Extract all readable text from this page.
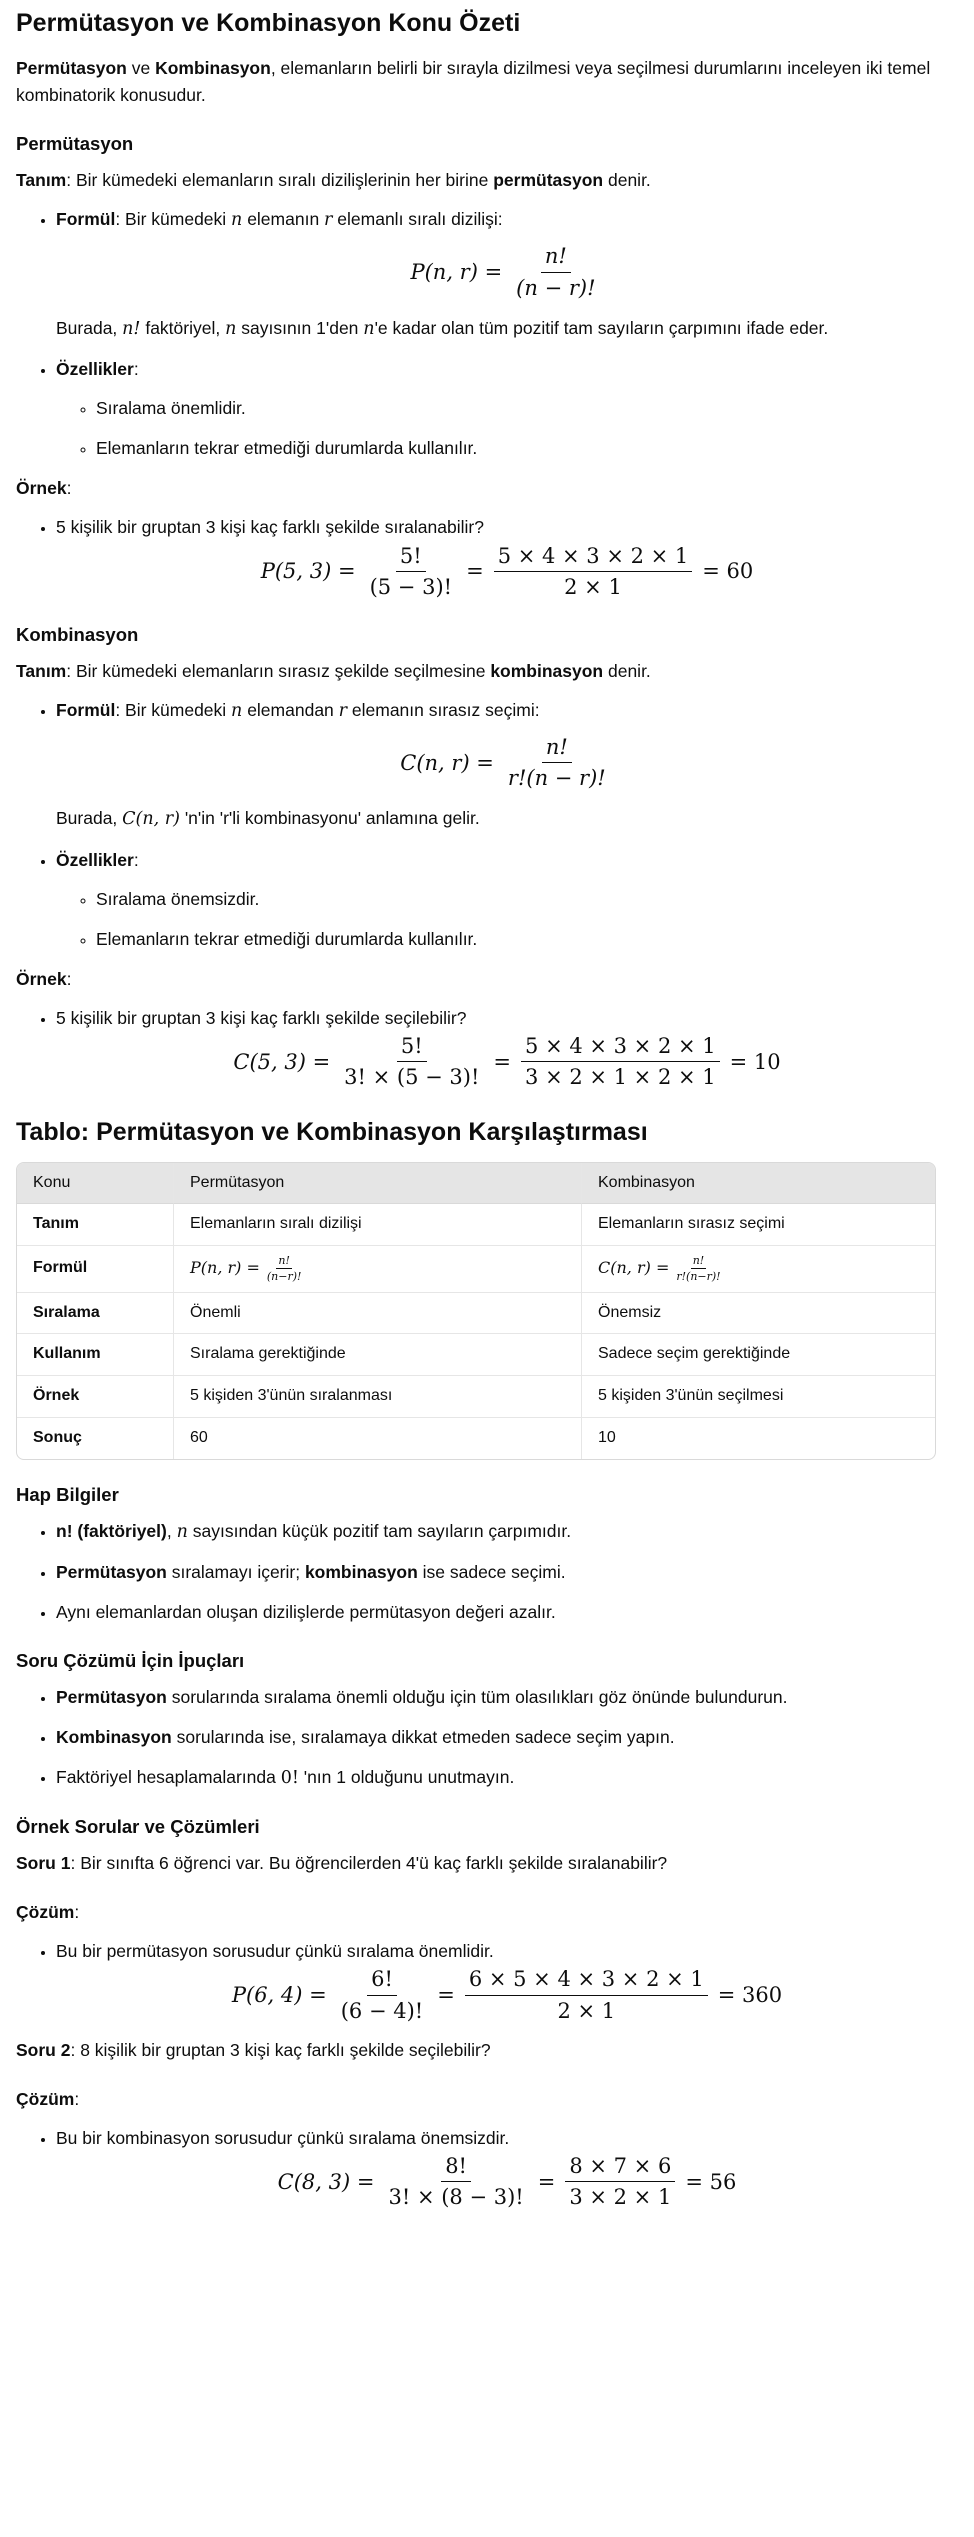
Permütasyon ve Kombinasyon Konu Özeti

Permütasyon ve Kombinasyon, elemanların belirli bir sırayla dizilmesi veya seçilmesi durumlarını inceleyen iki temel kombinatorik konusudur.

Permütasyon

Tanım: Bir kümedeki elemanların sıralı dizilişlerinin her birine permütasyon denir.

• Formül: Bir kümedeki n elemanın r elemanlı sıralı dizilişi:
P(n, $r) = \frac{n!}{(n - r)!}$
Burada, n! faktöriyel, n sayısının 1'den n'e kadar olan tüm pozitif tam sayıların çarpımını ifade eder.
• Özellikler:
◦ Sıralama önemlidir.
◦ Elemanların tekrar etmediği durumlarda kullanılır.

Örnek:

• 5 kişilik bir gruptan 3 kişi kaç farklı şekilde sıralanabilir?
P(5, $3) = \frac{5!}{(5 - 3)!} = \frac{5 \times 4 \times 3 \times 2 \times 1}{2 \times 1} = 60$
Kombinasyon

Tanım: Bir kümedeki elemanların sırasız şekilde seçilmesine kombinasyon denir.

• Formül: Bir kümedeki n elemandan r elemanın sırasız seçimi:
C(n, $r) = \frac{n!}{r!(n - r)!}$
Burada, C(n, r) 'n'in 'r'li kombinasyonu' anlamına gelir.
• Özellikler:
◦ Sıralama önemsizdir.
◦ Elemanların tekrar etmediği durumlarda kullanılır.

Örnek:

• 5 kişilik bir gruptan 3 kişi kaç farklı şekilde seçilebilir?
C(5, $3) = \frac{5!}{3! \times (5 - 3)!} = \frac{5 \times 4 \times 3 \times 2 \times 1}{3 \times 2 \times 1 \times 2 \times 1} = 10$
Tablo: Permütasyon ve Kombinasyon Karşılaştırması
Konu	Permütasyon	Kombinasyon
Tanım	Elemanların sıralı dizilişi	Elemanların sırasız seçimi
Formül	P(n, $r) = \frac{n!}{(n-r)!}$	C(n, $r) = \frac{n!}{r!(n-r)!}$

Sıralama	Önemli	Önemsiz
Kullanım	Sıralama gerektiğinde	Sadece seçim gerektiğinde
Örnek	5 kişiden 3'ünün sıralanması	5 kişiden 3'ünün seçilmesi
Sonuç	60	10
Hap Bilgiler
• n! (faktöriyel), n sayısından küçük pozitif tam sayıların çarpımıdır.
• Permütasyon sıralamayı içerir; kombinasyon ise sadece seçimi.
• Aynı elemanlardan oluşan dizilişlerde permütasyon değeri azalır.
Soru Çözümü İçin İpuçları
• Permütasyon sorularında sıralama önemli olduğu için tüm olasılıkları göz önünde bulundurun.
• Kombinasyon sorularında ise, sıralamaya dikkat etmeden sadece seçim yapın.
• Faktöriyel hesaplamalarında 0! 'nın 1 olduğunu unutmayın.
Örnek Sorular ve Çözümleri

Soru 1: Bir sınıfta 6 öğrenci var. Bu öğrencilerden 4'ü kaç farklı şekilde sıralanabilir?

Çözüm:

• Bu bir permütasyon sorusudur çünkü sıralama önemlidir.
P(6, $4) = \frac{6!}{(6 - 4)!} = \frac{6 \times 5 \times 4 \times 3 \times 2 \times 1}{2 \times 1} = 360$

Soru 2: 8 kişilik bir gruptan 3 kişi kaç farklı şekilde seçilebilir?

Çözüm:

• Bu bir kombinasyon sorusudur çünkü sıralama önemsizdir.
C(8, $3) = \frac{8!}{3! \times (8 - 3)!} = \frac{8 \times 7 \times 6}{3 \times 2 \times 1} = 56$
